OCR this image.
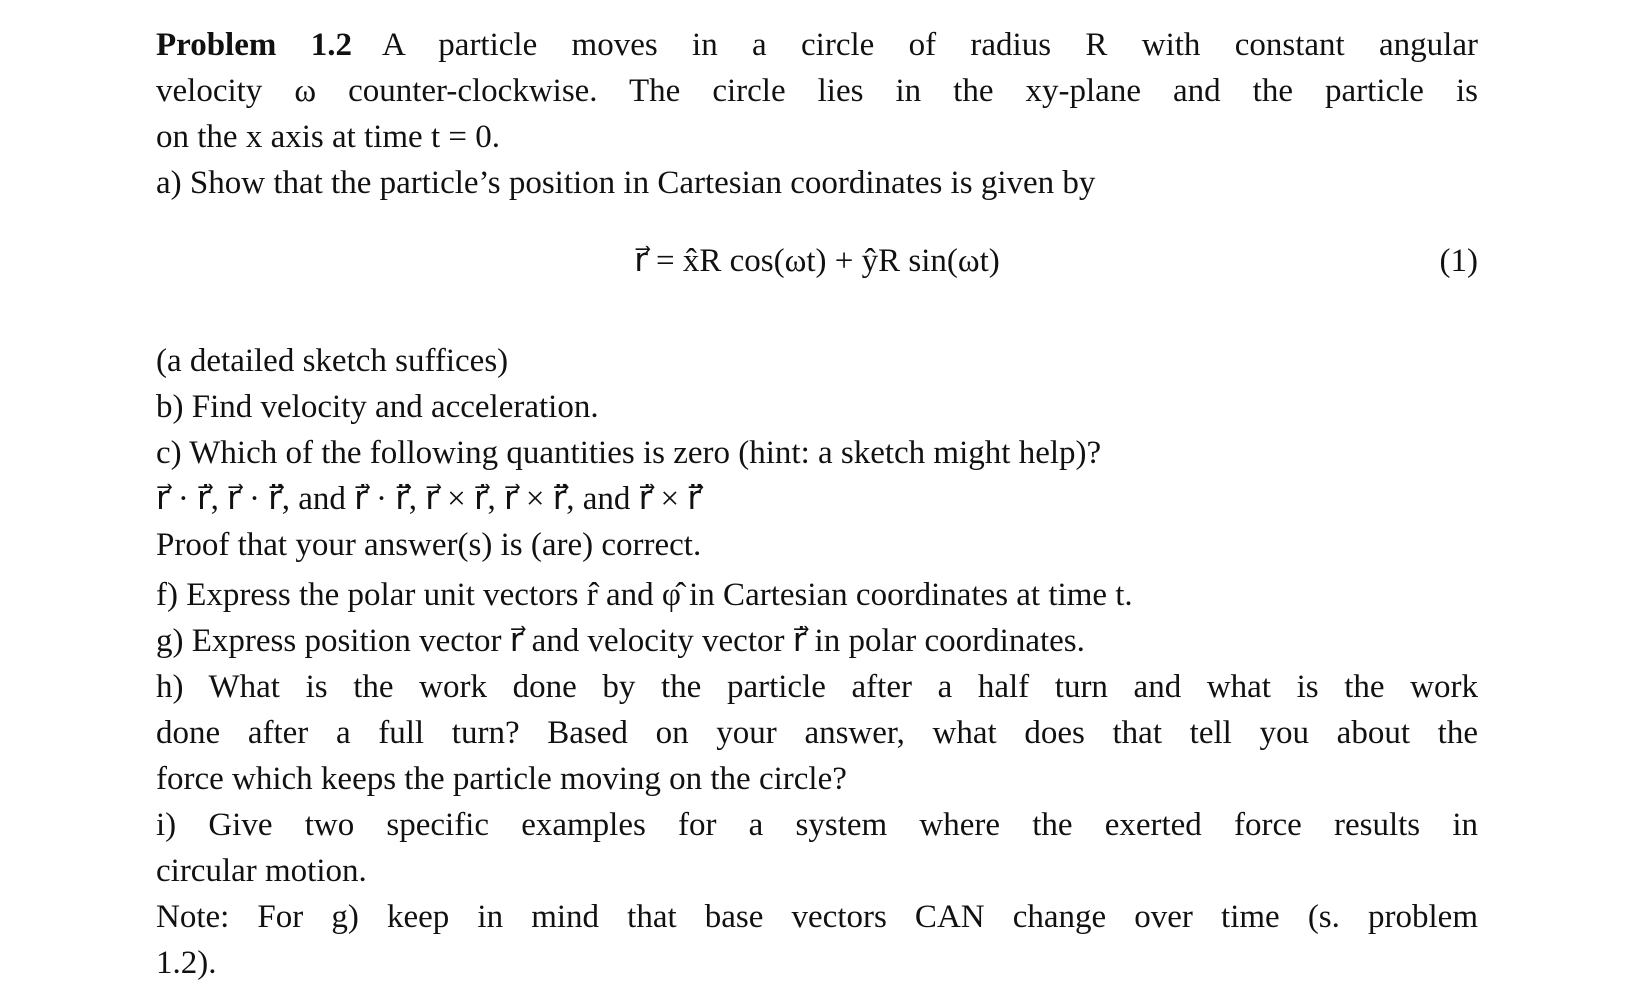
Problem 1.2 A particle moves in a circle of radius R with constant angular
velocity ω counter-clockwise. The circle lies in the xy-plane and the particle is
on the x axis at time t = 0.
a) Show that the particle’s position in Cartesian coordinates is given by
r⃗ = x̂R cos(ωt) + ŷR sin(ωt)	(1)
(a detailed sketch suffices)
b) Find velocity and acceleration.
c) Which of the following quantities is zero (hint: a sketch might help)?
r⃗ · r⃗̇, r⃗ · r⃗̈, and r⃗̇ · r⃗̈, r⃗ × r⃗̇, r⃗ × r⃗̈, and r⃗̇ × r⃗̈
Proof that your answer(s) is (are) correct.
f) Express the polar unit vectors r̂ and φ̂ in Cartesian coordinates at time t.
g) Express position vector r⃗ and velocity vector r⃗̇ in polar coordinates.
h) What is the work done by the particle after a half turn and what is the work
done after a full turn? Based on your answer, what does that tell you about the
force which keeps the particle moving on the circle?
i) Give two specific examples for a system where the exerted force results in
circular motion.
Note: For g) keep in mind that base vectors CAN change over time (s. problem
1.2).
